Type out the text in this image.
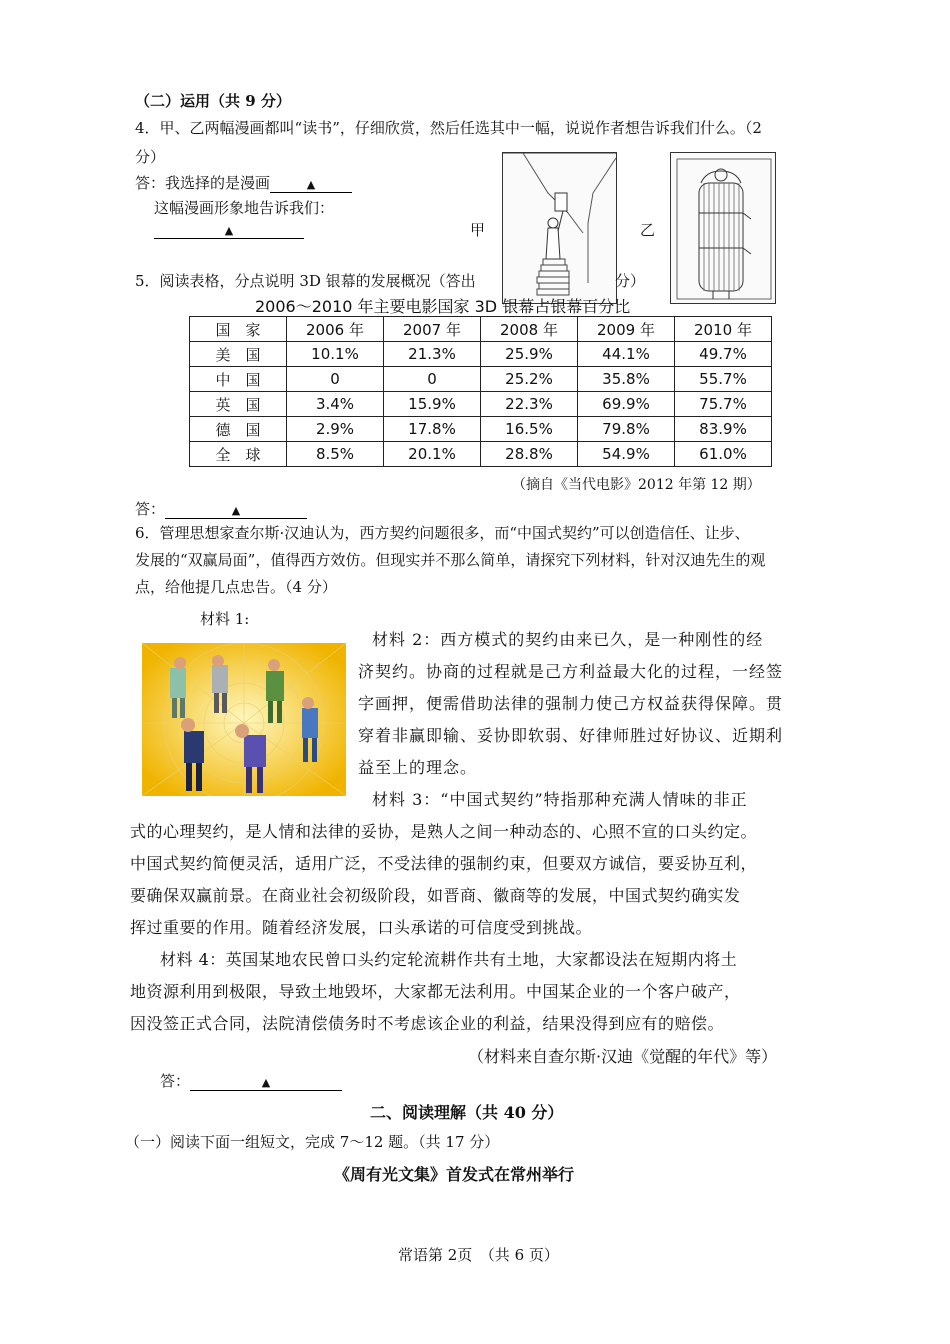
（二）运用（共 9 分）
4．甲、乙两幅漫画都叫“读书”，仔细欣赏，然后任选其中一幅，说说作者想告诉我们什么。（2
分）
答：我选择的是漫画	▲
这幅漫画形象地告诉我们：
▲	甲	乙
5．阅读表格，分点说明 3D 银幕的发展概况（答出	分）
2006～2010 年主要电影国家 3D 银幕占银幕百分比
国　家	2006 年	2007 年	2008 年	2009 年	2010 年
美　国	10.1%	21.3%	25.9%	44.1%	49.7%
中　国	0	0	25.2%	35.8%	55.7%
英　国	3.4%	15.9%	22.3%	69.9%	75.7%
德　国	2.9%	17.8%	16.5%	79.8%	83.9%
全　球	8.5%	20.1%	28.8%	54.9%	61.0%
（摘自《当代电影》2012 年第 12 期）
答：	▲
6．管理思想家查尔斯·汉迪认为，西方契约问题很多，而“中国式契约”可以创造信任、让步、
发展的“双赢局面”，值得西方效仿。但现实并不那么简单，请探究下列材料，针对汉迪先生的观
点，给他提几点忠告。（4 分）
材料 1:
材料 2：西方模式的契约由来已久，是一种刚性的经
济契约。协商的过程就是己方利益最大化的过程，一经签
字画押，便需借助法律的强制力使己方权益获得保障。贯
穿着非赢即输、妥协即软弱、好律师胜过好协议、近期利
益至上的理念。
材料 3：“中国式契约”特指那种充满人情味的非正
式的心理契约，是人情和法律的妥协，是熟人之间一种动态的、心照不宣的口头约定。
中国式契约简便灵活，适用广泛，不受法律的强制约束，但要双方诚信，要妥协互利，
要确保双赢前景。在商业社会初级阶段，如晋商、徽商等的发展，中国式契约确实发
挥过重要的作用。随着经济发展，口头承诺的可信度受到挑战。
材料 4：英国某地农民曾口头约定轮流耕作共有土地，大家都设法在短期内将土
地资源利用到极限，导致土地毁坏，大家都无法利用。中国某企业的一个客户破产，
因没签正式合同，法院清偿债务时不考虑该企业的利益，结果没得到应有的赔偿。
（材料来自查尔斯·汉迪《觉醒的年代》等）
答：	▲
二、阅读理解（共 40 分）
（一）阅读下面一组短文，完成 7～12 题。（共 17 分）
《周有光文集》首发式在常州举行
常语第 2页　（共 6 页）
